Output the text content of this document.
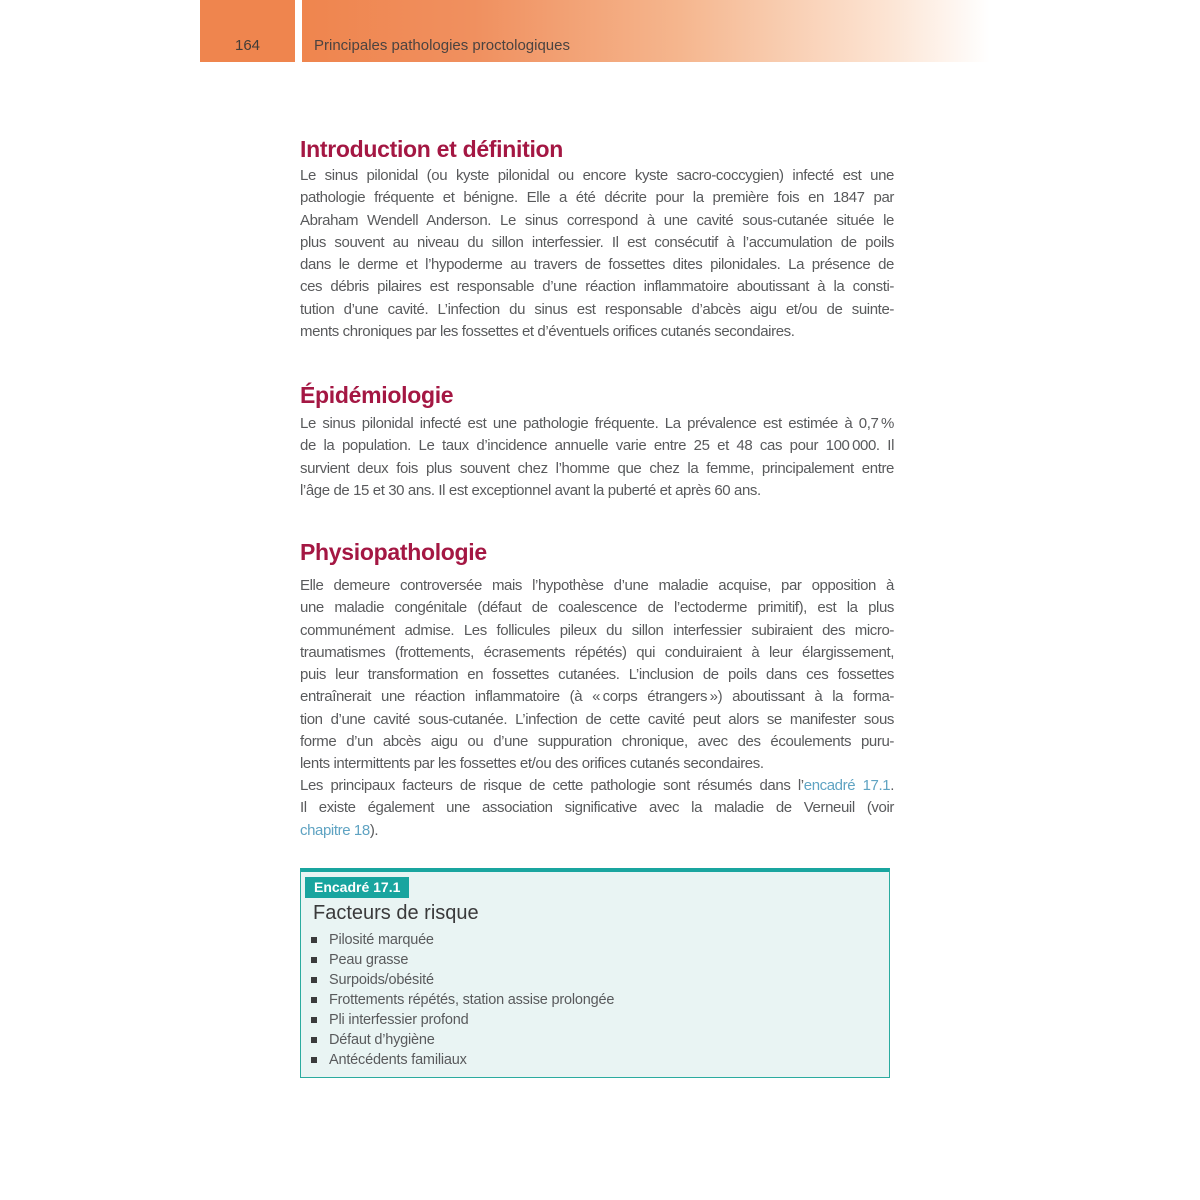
164	Principales pathologies proctologiques
Introduction et définition
Le sinus pilonidal (ou kyste pilonidal ou encore kyste sacro-coccygien) infecté est une
pathologie fréquente et bénigne. Elle a été décrite pour la première fois en 1847 par
Abraham Wendell Anderson. Le sinus correspond à une cavité sous-cutanée située le
plus souvent au niveau du sillon interfessier. Il est consécutif à l’accumulation de poils
dans le derme et l’hypoderme au travers de fossettes dites pilonidales. La présence de
ces débris pilaires est responsable d’une réaction inflammatoire aboutissant à la consti-
tution d’une cavité. L’infection du sinus est responsable d’abcès aigu et/ou de suinte-
ments chroniques par les fossettes et d’éventuels orifices cutanés secondaires.
Épidémiologie
Le sinus pilonidal infecté est une pathologie fréquente. La prévalence est estimée à 0,7 %
de la population. Le taux d’incidence annuelle varie entre 25 et 48 cas pour 100 000. Il
survient deux fois plus souvent chez l’homme que chez la femme, principalement entre
l’âge de 15 et 30 ans. Il est exceptionnel avant la puberté et après 60 ans.
Physiopathologie
Elle demeure controversée mais l’hypothèse d’une maladie acquise, par opposition à
une maladie congénitale (défaut de coalescence de l’ectoderme primitif), est la plus
communément admise. Les follicules pileux du sillon interfessier subiraient des micro-
traumatismes (frottements, écrasements répétés) qui conduiraient à leur élargissement,
puis leur transformation en fossettes cutanées. L’inclusion de poils dans ces fossettes
entraînerait une réaction inflammatoire (à « corps étrangers ») aboutissant à la forma-
tion d’une cavité sous-cutanée. L’infection de cette cavité peut alors se manifester sous
forme d’un abcès aigu ou d’une suppuration chronique, avec des écoulements puru-
lents intermittents par les fossettes et/ou des orifices cutanés secondaires.
Les principaux facteurs de risque de cette pathologie sont résumés dans l’encadré 17.1.
Il existe également une association significative avec la maladie de Verneuil (voir
chapitre 18).
Encadré 17.1
Facteurs de risque
Pilosité marquée
Peau grasse
Surpoids/obésité
Frottements répétés, station assise prolongée
Pli interfessier profond
Défaut d’hygiène
Antécédents familiaux
